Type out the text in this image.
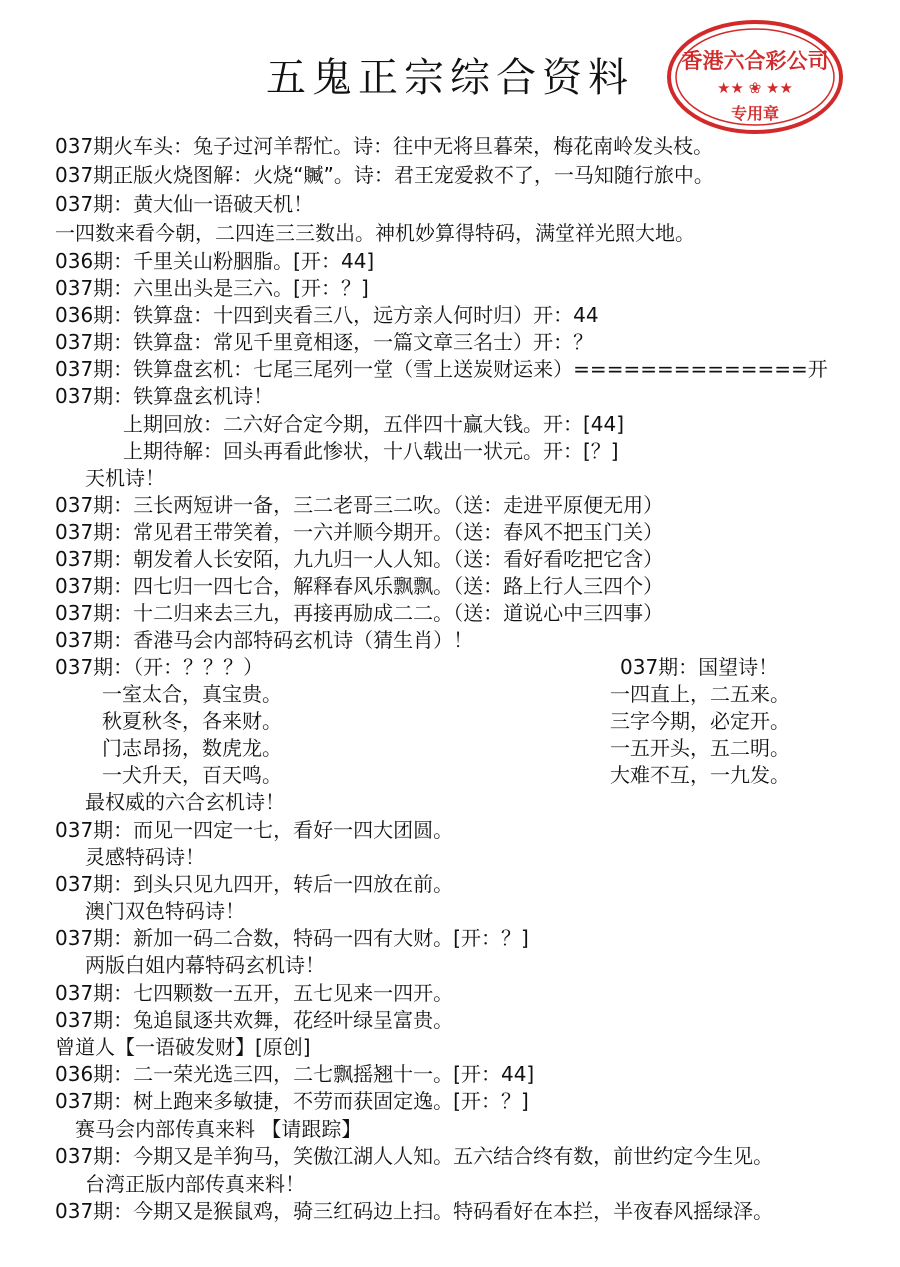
五鬼正宗综合资料	香港六合彩公司
★★ ❀ ★★
专用章
037期火车头：兔子过河羊帮忙。诗：往中无将旦暮荣，梅花南岭发头枝。
037期正版火烧图解：火烧“贓”。诗：君王宠爱救不了，一马知随行旅中。
037期：黄大仙一语破天机！
一四数来看今朝，二四连三三数出。神机妙算得特码，满堂祥光照大地。
036期：千里关山粉胭脂。[开：44]
037期：六里出头是三六。[开：？]
036期：铁算盘：十四到夹看三八，远方亲人何时归）开：44
037期：铁算盘：常见千里竟相逐，一篇文章三名士）开：？
037期：铁算盘玄机：七尾三尾列一堂（雪上送炭财运来）==============开
037期：铁算盘玄机诗！
上期回放：二六好合定今期，五伴四十赢大钱。开：[44]
上期待解：回头再看此惨状，十八载出一状元。开：[？]
天机诗！
037期：三长两短讲一备，三二老哥三二吹。（送：走进平原便无用）
037期：常见君王带笑着，一六并顺今期开。（送：春风不把玉门关）
037期：朝发着人长安陌，九九归一人人知。（送：看好看吃把它含）
037期：四七归一四七合，解释春风乐飘飘。（送：路上行人三四个）
037期：十二归来去三九，再接再励成二二。（送：道说心中三四事）
037期：香港马会内部特码玄机诗（猜生肖）！
037期：（开：？？？）	037期：国望诗！
一室太合，真宝贵。	一四直上，二五来。
秋夏秋冬，各来财。	三字今期，必定开。
门志昂扬，数虎龙。	一五开头，五二明。
一犬升天，百天鸣。	大难不互，一九发。
最权威的六合玄机诗！
037期：而见一四定一七，看好一四大团圆。
灵感特码诗！
037期：到头只见九四开，转后一四放在前。
澳门双色特码诗！
037期：新加一码二合数，特码一四有大财。[开：？]
两版白姐内幕特码玄机诗！
037期：七四颗数一五开，五七见来一四开。
037期：兔追鼠逐共欢舞，花经叶绿呈富贵。
曾道人【一语破发财】[原创]
036期：二一荣光选三四，二七飘摇翘十一。[开：44]
037期：树上跑来多敏捷，不劳而获固定逸。[开：？]
赛马会内部传真来料 【请跟踪】
037期：今期又是羊狗马，笑傲江湖人人知。五六结合终有数，前世约定今生见。
台湾正版内部传真来料！
037期：今期又是猴鼠鸡，骑三红码边上扫。特码看好在本拦，半夜春风摇绿泽。
